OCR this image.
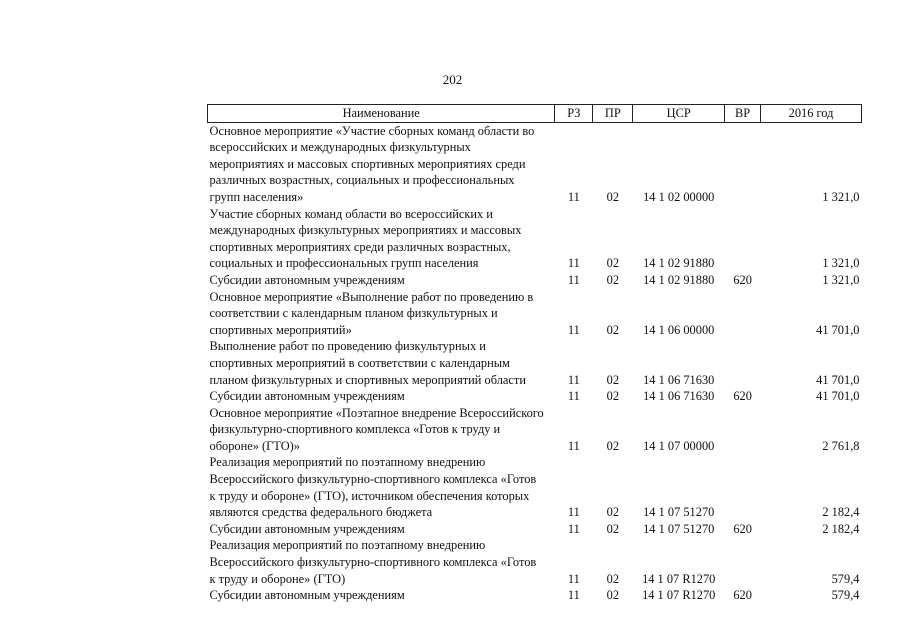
202
Наименование	РЗ	ПР	ЦСР	ВР	2016 год

Основное мероприятие «Участие сборных команд области во
всероссийских и международных физкультурных
мероприятиях и массовых спортивных мероприятиях среди
различных возрастных, социальных и профессиональных
групп населения»	11	02	14 1 02 00000		1 321,0

Участие сборных команд области во всероссийских и
международных физкультурных мероприятиях и массовых
спортивных мероприятиях среди различных возрастных,
социальных и профессиональных групп населения	11	02	14 1 02 91880		1 321,0

Субсидии автономным учреждениям	11	02	14 1 02 91880	620	1 321,0

Основное мероприятие «Выполнение работ по проведению в
соответствии с календарным планом физкультурных и
спортивных мероприятий»	11	02	14 1 06 00000		41 701,0

Выполнение работ по проведению физкультурных и
спортивных мероприятий в соответствии с календарным
планом физкультурных и спортивных мероприятий области	11	02	14 1 06 71630		41 701,0

Субсидии автономным учреждениям	11	02	14 1 06 71630	620	41 701,0

Основное мероприятие «Поэтапное внедрение Всероссийского
физкультурно-спортивного комплекса «Готов к труду и
обороне» (ГТО)»	11	02	14 1 07 00000		2 761,8

Реализация мероприятий по поэтапному внедрению
Всероссийского физкультурно-спортивного комплекса «Готов
к труду и обороне» (ГТО), источником обеспечения которых
являются средства федерального бюджета	11	02	14 1 07 51270		2 182,4

Субсидии автономным учреждениям	11	02	14 1 07 51270	620	2 182,4

Реализация мероприятий по поэтапному внедрению
Всероссийского физкультурно-спортивного комплекса «Готов
к труду и обороне» (ГТО)	11	02	14 1 07 R1270		579,4

Субсидии автономным учреждениям	11	02	14 1 07 R1270	620	579,4
